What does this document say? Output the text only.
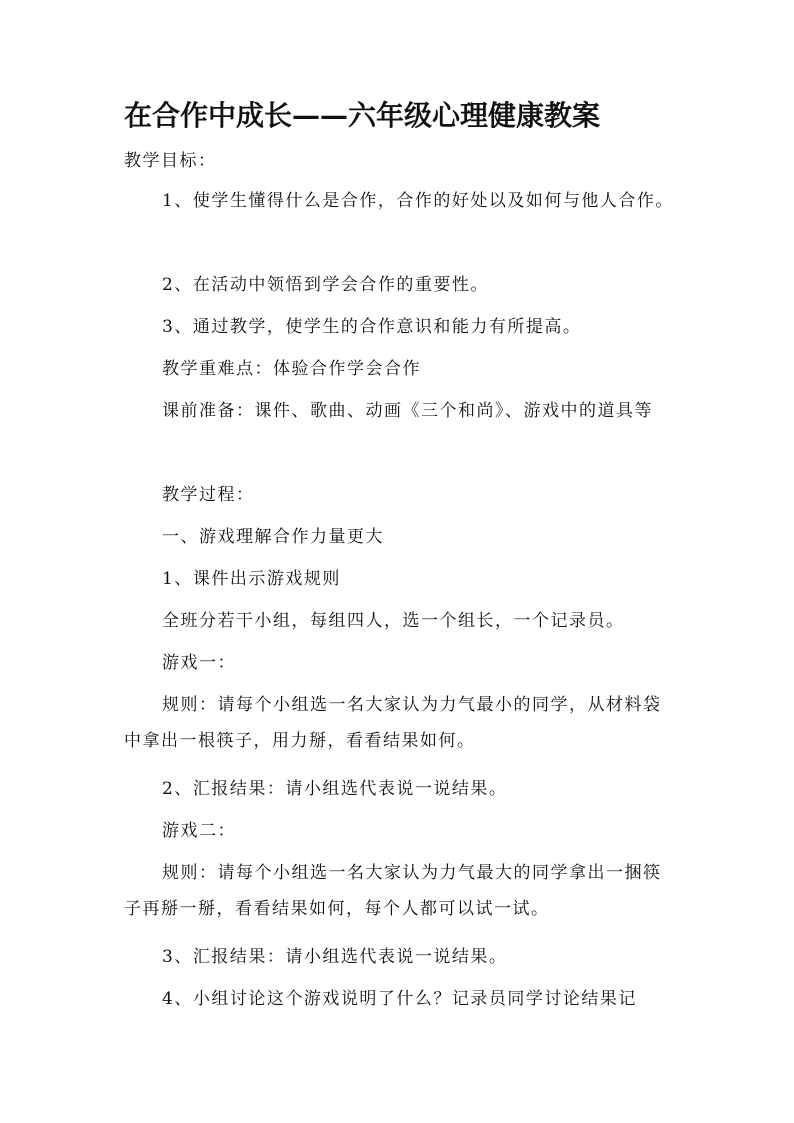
在合作中成长——六年级心理健康教案
教学目标：
1、使学生懂得什么是合作，合作的好处以及如何与他人合作。
2、在活动中领悟到学会合作的重要性。
3、通过教学，使学生的合作意识和能力有所提高。
教学重难点：体验合作学会合作
课前准备：课件、歌曲、动画《三个和尚》、游戏中的道具等
教学过程：
一、游戏理解合作力量更大
1、课件出示游戏规则
全班分若干小组，每组四人，选一个组长，一个记录员。
游戏一：
规则：请每个小组选一名大家认为力气最小的同学，从材料袋中拿出一根筷子，用力掰，看看结果如何。
2、汇报结果：请小组选代表说一说结果。
游戏二：
规则：请每个小组选一名大家认为力气最大的同学拿出一捆筷子再掰一掰，看看结果如何，每个人都可以试一试。
3、汇报结果：请小组选代表说一说结果。
4、小组讨论这个游戏说明了什么？记录员同学讨论结果记
